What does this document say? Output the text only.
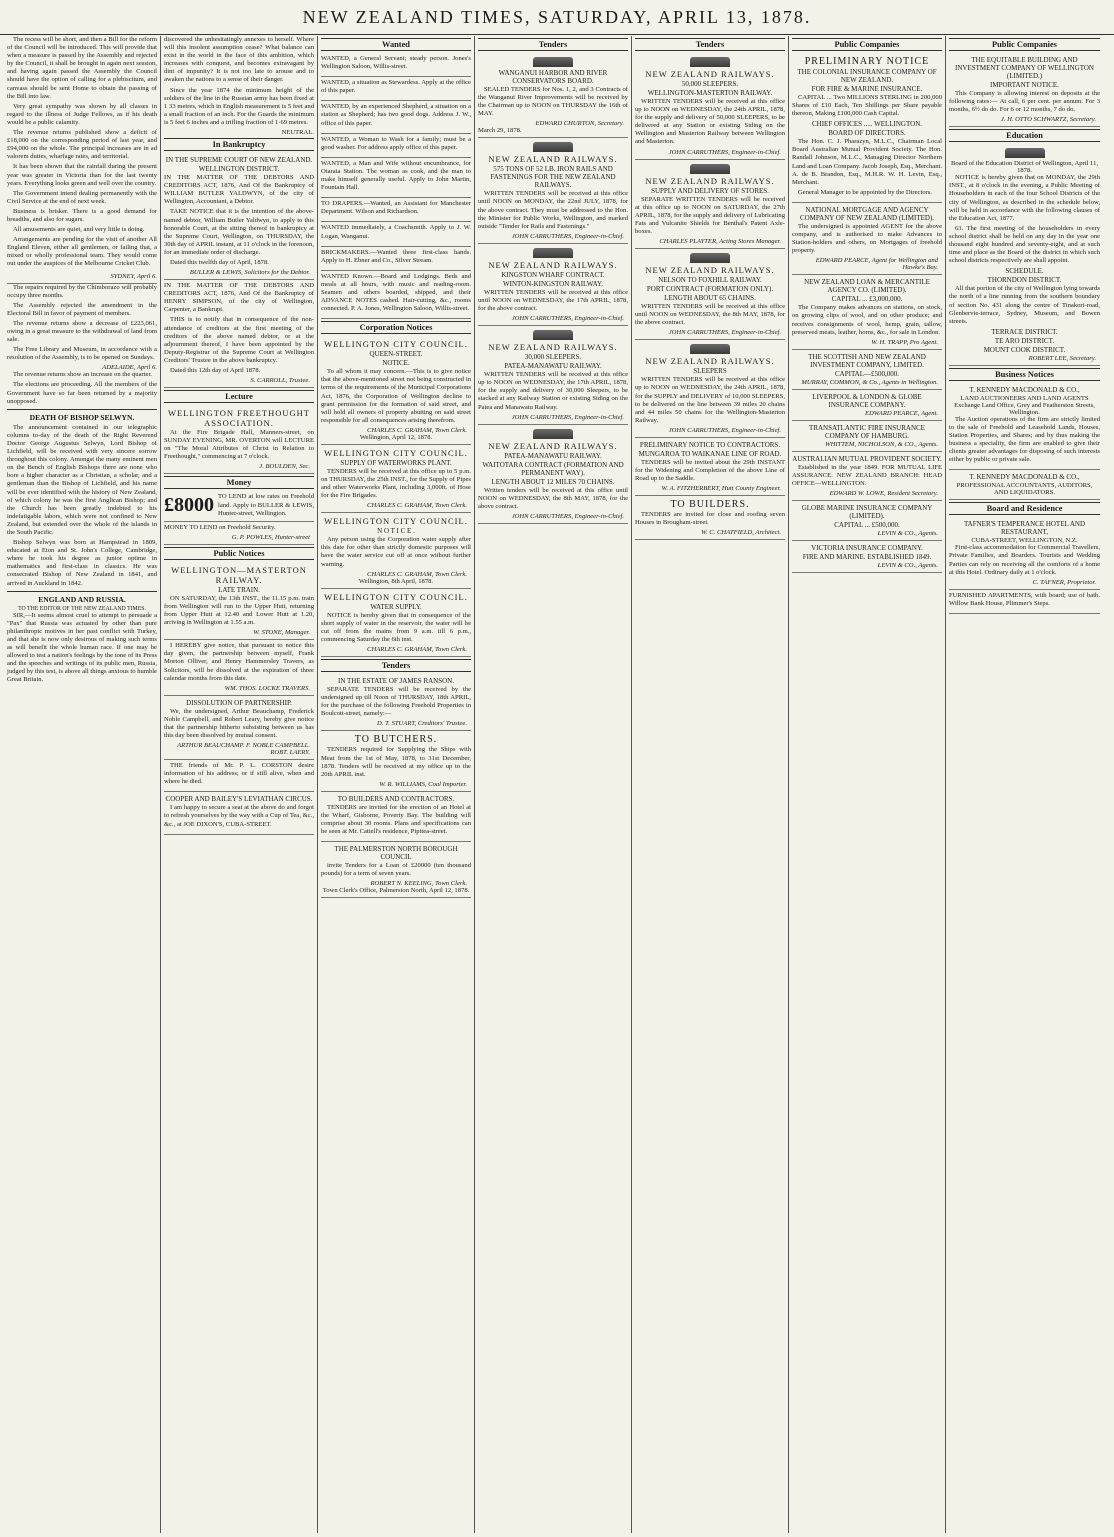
NEW ZEALAND TIMES, SATURDAY, APRIL 13, 1878.

The recess will be short, and then a Bill for the reform of the Council will be introduced. This will provide that when a measure is passed by the Assembly and rejected by the Council, it shall be brought in again next session, and having again passed the Assembly the Council should have the option of calling for a plebiscitum, and canvass should be sent Home to obtain the passing of the Bill into law.

Very great sympathy was shown by all classes in regard to the illness of Judge Fellows, as if his death would be a public calamity.

The revenue returns published show a deficit of £18,000 on the corresponding period of last year, and £94,000 on the whole. The principal increases are in ad valorem duties, wharfage rates, and territorial.

It has been shown that the rainfall during the present year was greater in Victoria than for the last twenty years. Everything looks green and well over the country.

The Government intend dealing permanently with the Civil Service at the end of next week.

Business is brisker. There is a good demand for breadths, and also for sugars.

All amusements are quiet, and very little is doing.

Arrangements are pending for the visit of another All England Eleven, either all gentlemen, or failing that, a mixed or wholly professional team. They would come out under the auspices of the Melbourne Cricket Club.

SYDNEY, April 6.

The repairs required by the Chimborazo will probably occupy three months.

The Assembly rejected the amendment in the Electoral Bill in favor of payment of members.

The revenue returns show a decrease of £223,061, owing in a great measure to the withdrawal of land from sale.

The Free Library and Museum, in accordance with a resolution of the Assembly, is to be opened on Sundays.

ADELAIDE, April 6.

The revenue returns show an increase on the quarter.

The elections are proceeding. All the members of the Government have so far been returned by a majority unopposed.

DEATH OF BISHOP SELWYN.

The announcement contained in our telegraphic columns to-day of the death of the Right Reverend Doctor George Augustus Selwyn, Lord Bishop of Lichfield, will be received with very sincere sorrow throughout this colony. Amongst the many eminent men on the Bench of English Bishops there are none who bore a higher character as a Christian, a scholar, and a gentleman than the Bishop of Lichfield, and his name will be ever identified with the history of New Zealand, of which colony he was the first Anglican Bishop; and the Church has been greatly indebted to his indefatigable labors, which were not confined to New Zealand, but extended over the whole of the islands in the South Pacific.

Bishop Selwyn was born at Hampstead in 1809, educated at Eton and St. John's College, Cambridge, where he took his degree as junior optime in mathematics and first-class in classics. He was consecrated Bishop of New Zealand in 1841, and arrived in Auckland in 1842.

ENGLAND AND RUSSIA.
TO THE EDITOR OF THE NEW ZEALAND TIMES.

SIR,—It seems almost cruel to attempt to persuade a "Pax" that Russia was actuated by other than pure philanthropic motives in her past conflict with Turkey, and that she is now only desirous of making such terms as will benefit the whole human race. If one may be allowed to test a nation's feelings by the tone of its Press and the speeches and writings of its public men, Russia, judged by this test, is above all things anxious to humble Great Britain.

discovered the unhesitatingly annexes to herself. Where will this insolent assumption cease? What balance can exist in the world in the face of this ambition, which increases with conquest, and becomes extravagant by dint of impunity? It is not too late to arouse and to awaken the nations to a sense of their danger.

Since the year 1874 the minimum height of the soldiers of the line in the Russian army has been fixed at 1 33 metres, which in English measurement is 5 feet and a small fraction of an inch. For the Guards the minimum is 5 feet 6 inches and a trifling fraction of 1·69 metres.

NEUTRAL.
In Bankruptcy
IN THE SUPREME COURT OF NEW ZEALAND.
WELLINGTON DISTRICT.

IN THE MATTER OF THE DEBTORS AND CREDITORS ACT, 1876, And Of the Bankruptcy of WILLIAM BUTLER YALDWYN, of the city of Wellington, Accountant, a Debtor.

TAKE NOTICE that it is the intention of the above-named debtor, William Butler Yaldwyn, to apply to this honorable Court, at the sitting thereof in bankruptcy at the Supreme Court, Wellington, on THURSDAY, the 30th day of APRIL instant, at 11 o'clock in the forenoon, for an immediate order of discharge.

Dated this twelfth day of April, 1878.

BULLER & LEWIS, Solicitors for the Debtor.

IN THE MATTER OF THE DEBTORS AND CREDITORS ACT, 1876, And Of the Bankruptcy of HENRY SIMPSON, of the city of Wellington, Carpenter, a Bankrupt.

THIS is to notify that in consequence of the non-attendance of creditors at the first meeting of the creditors of the above named debtor, or at the adjournment thereof, I have been appointed by the Deputy-Registrar of the Supreme Court at Wellington Creditors' Trustee in the above bankruptcy.

Dated this 12th day of April 1878.

S. CARROLL, Trustee.
Lecture
WELLINGTON FREETHOUGHT ASSOCIATION.

At the Fire Brigade Hall, Manners-street, on SUNDAY EVENING, MR. OVERTON will LECTURE on "The Moral Attributes of Christ in Relation to Freethought," commencing at 7 o'clock.

J. BOULDEN, Sec.
Money
£8000 TO LEND at low rates on Freehold land. Apply to BULLER & LEWIS, Hunter-street, Wellington.

MONEY TO LEND on Freehold Security.

G. P. POWLES, Hunter-street
Public Notices
WELLINGTON—MASTERTON RAILWAY.
LATE TRAIN.

ON SATURDAY, the 13th INST., the 11.15 p.m. train from Wellington will run to the Upper Hutt, returning from Upper Hutt at 12.40 and Lower Hutt at 1.20, arriving in Wellington at 1.55 a.m.

W. STONE, Manager.

I HEREBY give notice, that pursuant to notice this day given, the partnership between myself, Frank Morton Olliver, and Henry Hammersley Travers, as Solicitors, will be dissolved at the expiration of three calendar months from this date.

WM. THOS. LOCKE TRAVERS.
DISSOLUTION OF PARTNERSHIP.

We, the undersigned, Arthur Beauchamp, Frederick Noble Campbell, and Robert Leary, hereby give notice that the partnership hitherto subsisting between us has this day been dissolved by mutual consent.

ARTHUR BEAUCHAMP. F. NOBLE CAMPBELL. ROBT. LAERY.

THE friends of Mr. P. L. CORSTON desire information of his address; or if still alive, when and where he died.

COOPER AND BAILEY'S LEVIATHAN CIRCUS.

I am happy to secure a seat at the above do and forgot to refresh yourselves by the way with a Cup of Tea, &c., &c., at JOE DIXON'S, CUBA-STREET.

Wanted

WANTED, a General Servant; steady person. Jones's Wellington Saloon, Willis-street.

WANTED, a situation as Stewardess. Apply at the office of this paper.

WANTED, by an experienced Shepherd, a situation on a station as Shepherd; has two good dogs. Address J. W., office of this paper.

WANTED, a Woman to Wash for a family; must be a good washer. For address apply office of this paper.

WANTED, a Man and Wife without encumbrance, for Otaraia Station. The woman as cook, and the man to make himself generally useful. Apply to John Martin, Fountain Hall.

TO DRAPERS.—Wanted, an Assistant for Manchester Department. Wilson and Richardson.

WANTED immediately, a Coachsmith. Apply to J. W. Logan, Wanganui.

BRICKMAKERS.—Wanted three first-class hands. Apply to H. Ebner and Co., Silver Stream.

WANTED Known.—Board and Lodgings. Beds and meals at all hours, with music and reading-room. Seamen and others boarded, shipped, and their ADVANCE NOTES cashed. Hair-cutting, &c., rooms connected. P. A. Jones, Wellington Saloon, Willis-street.

Corporation Notices
WELLINGTON CITY COUNCIL.
QUEEN-STREET.
NOTICE.

To all whom it may concern.—This is to give notice that the above-mentioned street not being constructed in terms of the requirements of the Municipal Corporations Act, 1876, the Corporation of Wellington decline to grant permission for the formation of said street, and will hold all owners of property abutting on said street responsible for all consequences arising therefrom.

CHARLES C. GRAHAM, Town Clerk.
Wellington, April 12, 1878.
WELLINGTON CITY COUNCIL.
SUPPLY OF WATERWORKS PLANT.

TENDERS will be received at this office up to 5 p.m. on THURSDAY, the 25th INST., for the Supply of Pipes and other Waterworks Plant, including 3,000ft. of Hose for the Fire Brigades.

CHARLES C. GRAHAM, Town Clerk.
WELLINGTON CITY COUNCIL.
N O T I C E .

Any person using the Corporation water supply after this date for other than strictly domestic purposes will have the water service cut off at once without further warning.

CHARLES C. GRAHAM, Town Clerk.
Wellington, 8th April, 1878.
WELLINGTON CITY COUNCIL.
WATER SUPPLY.

NOTICE is hereby given that in consequence of the short supply of water in the reservoir, the water will be cut off from the mains from 9 a.m. till 6 p.m., commencing Saturday the 6th inst.

CHARLES C. GRAHAM, Town Clerk.
Tenders
IN THE ESTATE OF JAMES RANSON.

SEPARATE TENDERS will be received by the undersigned up till Noon of THURSDAY, 18th APRIL, for the purchase of the following Freehold Properties in Boulcott-street, namely:—

D. T. STUART, Creditors' Trustee.
TO BUTCHERS.

TENDERS required for Supplying the Ships with Meat from the 1st of May, 1878, to 31st December, 1878. Tenders will be received at my office up to the 20th APRIL inst.

W. R. WILLIAMS, Coal Importer.
TO BUILDERS AND CONTRACTORS.

TENDERS are invited for the erection of an Hotel at the Wharf, Gisborne, Poverty Bay. The building will comprise about 30 rooms. Plans and specifications can be seen at Mr. Cattell's residence, Pipitea-street.

THE PALMERSTON NORTH BOROUGH COUNCIL

invite Tenders for a Loan of £20000 (ten thousand pounds) for a term of seven years.

ROBERT N. KEELING, Town Clerk.
Town Clerk's Office, Palmerston North, April 12, 1878.
Tenders
WANGANUI HARBOR AND RIVER CONSERVATORS BOARD.

SEALED TENDERS for Nos. 1, 2, and 3 Contracts of the Wanganui River Improvements will be received by the Chairman up to NOON on THURSDAY the 16th of MAY.

EDWARD CHURTON, Secretary.
March 29, 1878.
NEW ZEALAND RAILWAYS.
575 TONS OF 52 LB. IRON RAILS AND FASTENINGS FOR THE NEW ZEALAND RAILWAYS.

WRITTEN TENDERS will be received at this office until NOON on MONDAY, the 22nd JULY, 1878, for the above contract. They must be addressed to the Hon. the Minister for Public Works, Wellington, and marked outside "Tender for Rails and Fastenings."

JOHN CARRUTHERS, Engineer-in-Chief.
NEW ZEALAND RAILWAYS.
KINGSTON WHARF CONTRACT.
WINTON-KINGSTON RAILWAY.

WRITTEN TENDERS will be received at this office until NOON on WEDNESDAY, the 17th APRIL, 1878, for the above contract.

JOHN CARRUTHERS, Engineer-in-Chief.
NEW ZEALAND RAILWAYS.
30,000 SLEEPERS.
PATEA-MANAWATU RAILWAY.

WRITTEN TENDERS will be received at this office up to NOON on WEDNESDAY, the 17th APRIL, 1878, for the supply and delivery of 30,000 Sleepers, to be stacked at any Railway Station or existing Siding on the Patea and Manawatu Railway.

JOHN CARRUTHERS, Engineer-in-Chief.
NEW ZEALAND RAILWAYS.
PATEA-MANAWATU RAILWAY.
WAITOTARA CONTRACT (FORMATION AND PERMANENT WAY).
LENGTH ABOUT 12 MILES 70 CHAINS.

Written tenders will be received at this office until NOON on WEDNESDAY, the 8th MAY, 1878, for the above contract.

JOHN CARRUTHERS, Engineer-in-Chief.
Tenders
NEW ZEALAND RAILWAYS.
50,000 SLEEPERS.
WELLINGTON-MASTERTON RAILWAY.

WRITTEN TENDERS will be received at this office up to NOON on WEDNESDAY, the 24th APRIL, 1878, for the supply and delivery of 50,000 SLEEPERS, to be delivered at any Station or existing Siding on the Wellington and Masterton Railway between Wellington and Masterton.

JOHN CARRUTHERS, Engineer-in-Chief.
NEW ZEALAND RAILWAYS.
SUPPLY AND DELIVERY OF STORES.

SEPARATE WRITTEN TENDERS will be received at this office up to NOON on SATURDAY, the 27th APRIL, 1878, for the supply and delivery of Lubricating Fats and Vulcanite Shields for Benthal's Patent Axle-boxes.

CHARLES PLAYTER, Acting Stores Manager.
NEW ZEALAND RAILWAYS.
NELSON TO FOXHILL RAILWAY.
PORT CONTRACT (FORMATION ONLY).
LENGTH ABOUT 65 CHAINS.

WRITTEN TENDERS will be received at this office until NOON on WEDNESDAY, the 8th MAY, 1878, for the above contract.

JOHN CARRUTHERS, Engineer-in-Chief.
NEW ZEALAND RAILWAYS.
SLEEPERS

WRITTEN TENDERS will be received at this office up to NOON on WEDNESDAY, the 24th APRIL, 1878, for the SUPPLY and DELIVERY of 10,000 SLEEPERS, to be delivered on the line between 39 miles 20 chains and 44 miles 50 chains for the Wellington-Masterton Railway.

JOHN CARRUTHERS, Engineer-in-Chief.
PRELIMINARY NOTICE TO CONTRACTORS.
MUNGAROA TO WAIKANAE LINE OF ROAD.

TENDERS will be invited about the 29th INSTANT for the Widening and Completion of the above Line of Road up to the Saddle.

W. A. FITZHERBERT, Hutt County Engineer.
TO BUILDERS.

TENDERS are invited for close and roofing seven Houses in Brougham-street.

W. C. CHATFIELD, Architect.
Public Companies
PRELIMINARY NOTICE
THE COLONIAL INSURANCE COMPANY OF NEW ZEALAND.
FOR FIRE & MARINE INSURANCE.

CAPITAL ... Two MILLIONS STERLING in 200,000 Shares of £10 Each, Ten Shillings per Share payable thereon, Making £100,000 Cash Capital.

CHIEF OFFICES ..... WELLINGTON.
BOARD OF DIRECTORS.

The Hon. C. J. Pharazyn, M.L.C., Chairman Local Board Australian Mutual Provident Society. The Hon. Randall Johnson, M.L.C., Managing Director Northern Land and Loan Company. Jacob Joseph, Esq., Merchant. A. de B. Brandon, Esq., M.H.R. W. H. Levin, Esq., Merchant.

General Manager to be appointed by the Directors.

NATIONAL MORTGAGE AND AGENCY COMPANY OF NEW ZEALAND (LIMITED).

The undersigned is appointed AGENT for the above company, and is authorised to make Advances to Station-holders and others, on Mortgages of freehold property.

EDWARD PEARCE, Agent for Wellington and Hawke's Bay.
NEW ZEALAND LOAN & MERCANTILE AGENCY CO. (LIMITED).
CAPITAL ... £3,000,000.

The Company makes advances on stations, on stock, on growing clips of wool, and on other produce; and receives consignments of wool, hemp, grain, tallow, preserved meats, leather, horns, &c., for sale in London.

W. H. TRAPP, Pro Agent.
THE SCOTTISH AND NEW ZEALAND INVESTMENT COMPANY, LIMITED.
CAPITAL—£500,000.
MURRAY, COMMON, & Co., Agents in Wellington.
LIVERPOOL & LONDON & GLOBE INSURANCE COMPANY.
EDWARD PEARCE, Agent.
TRANSATLANTIC FIRE INSURANCE COMPANY OF HAMBURG.
WHITTEM, NICHOLSON, & CO., Agents.
AUSTRALIAN MUTUAL PROVIDENT SOCIETY.

Established in the year 1849. FOR MUTUAL LIFE ASSURANCE. NEW ZEALAND BRANCH: HEAD OFFICE—WELLINGTON.

EDWARD W. LOWE, Resident Secretary.
GLOBE MARINE INSURANCE COMPANY (LIMITED).
CAPITAL ... £500,000.
LEVIN & CO., Agents.
VICTORIA INSURANCE COMPANY.
FIRE AND MARINE. ESTABLISHED 1849.
LEVIN & CO., Agents.
Public Companies
THE EQUITABLE BUILDING AND INVESTMENT COMPANY OF WELLINGTON (LIMITED.)
IMPORTANT NOTICE.

This Company is allowing interest on deposits at the following rates:— At call, 6 per cent. per annum. For 3 months, 6½ do do. For 6 or 12 months, 7 do do.

J. H. OTTO SCHWARTZ, Secretary.
Education
Board of the Education District of Wellington, April 11, 1878.

NOTICE is hereby given that on MONDAY, the 29th INST., at 8 o'clock in the evening, a Public Meeting of Householders in each of the four School Districts of the city of Wellington, as described in the schedule below, will be held in accordance with the following clauses of the Education Act, 1877.

63. The first meeting of the householders in every school district shall be held on any day in the year one thousand eight hundred and seventy-eight, and at such time and place as the Board of the district in which such school districts respectively are shall appoint.

SCHEDULE.
THORNDON DISTRICT.

All that portion of the city of Wellington lying towards the north of a line running from the southern boundary of section No. 431 along the centre of Tinakori-road, Glenbervie-terrace, Sydney, Museum, and Bowen streets.

TERRACE DISTRICT.
TE ARO DISTRICT.
MOUNT COOK DISTRICT.
ROBERT LEE, Secretary.
Business Notices
T. KENNEDY MACDONALD & CO.,
LAND AUCTIONEERS AND LAND AGENTS Exchange Land Office, Grey and Featherston Streets, Wellington.

The Auction operations of the firm are strictly limited to the sale of Freehold and Leasehold Lands, Houses, Station Properties, and Shares; and by thus making the business a speciality, the firm are enabled to give their clients greater advantages for disposing of such interests either by public or private sale.

T. KENNEDY MACDONALD & CO.,
PROFESSIONAL ACCOUNTANTS, AUDITORS, AND LIQUIDATORS.
Board and Residence
TAFNER'S TEMPERANCE HOTEL AND RESTAURANT,
CUBA-STREET, WELLINGTON, N.Z.

First-class accommodation for Commercial Travellers, Private Families, and Boarders. Tourists and Wedding Parties can rely on receiving all the comforts of a home at this Hotel. Ordinary daily at 1 o'clock.

C. TAFNER, Proprietor.

FURNISHED APARTMENTS, with board; use of bath. Willow Bank House, Plimmer's Steps.
